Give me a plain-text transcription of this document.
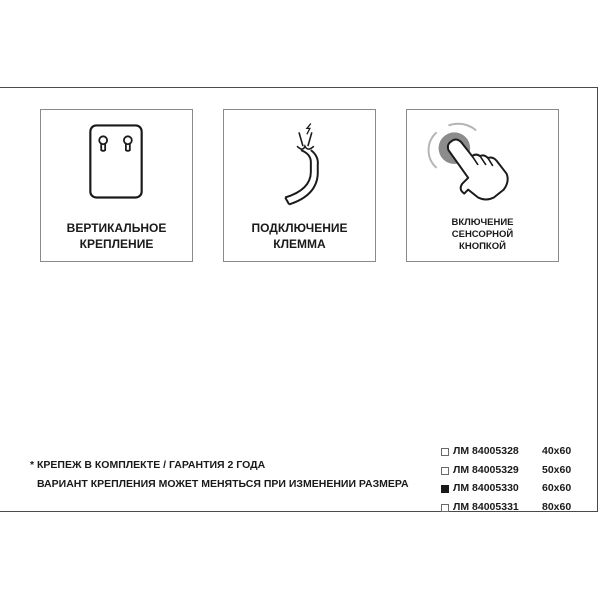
ВЕРТИКАЛЬНОЕ
КРЕПЛЕНИЕ
ПОДКЛЮЧЕНИЕ
КЛЕММА
ВКЛЮЧЕНИЕ
СЕНСОРНОЙ
КНОПКОЙ
* КРЕПЕЖ В КОМПЛЕКТЕ / ГАРАНТИЯ 2 ГОДА
ВАРИАНТ КРЕПЛЕНИЯ МОЖЕТ МЕНЯТЬСЯ ПРИ ИЗМЕНЕНИИ РАЗМЕРА
ЛМ 84005328 40x60
ЛМ 84005329 50x60
ЛМ 84005330 60x60
ЛМ 84005331 80x60
